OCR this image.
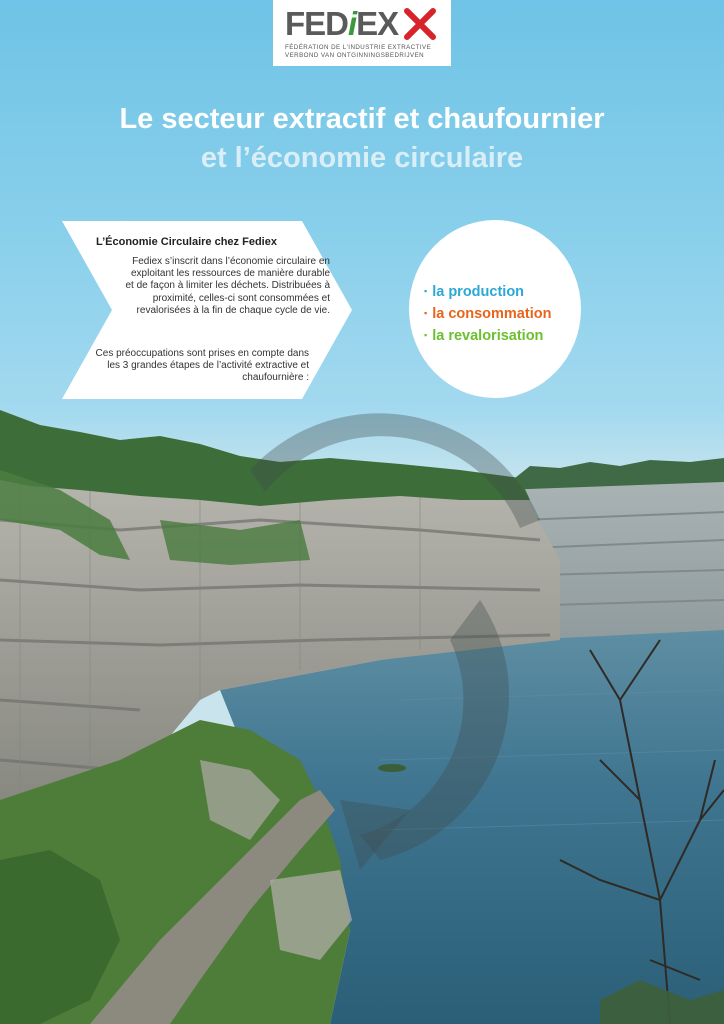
FEDiEX
FÉDÉRATION DE L'INDUSTRIE EXTRACTIVE
VERBOND VAN ONTGINNINGSBEDRIJVEN
Le secteur extractif et chaufournier
et l’économie circulaire

L’Économie Circulaire chez Fediex

Fediex s’inscrit dans l’économie circulaire en exploitant les ressources de manière durable et de façon à limiter les déchets. Distribuées à proximité, celles-ci sont consommées et revalorisées à la fin de chaque cycle de vie.

Ces préoccupations sont prises en compte dans les 3 grandes étapes de l’activité extractive et chaufournière :

▪ la production
▪ la consommation
▪ la revalorisation
